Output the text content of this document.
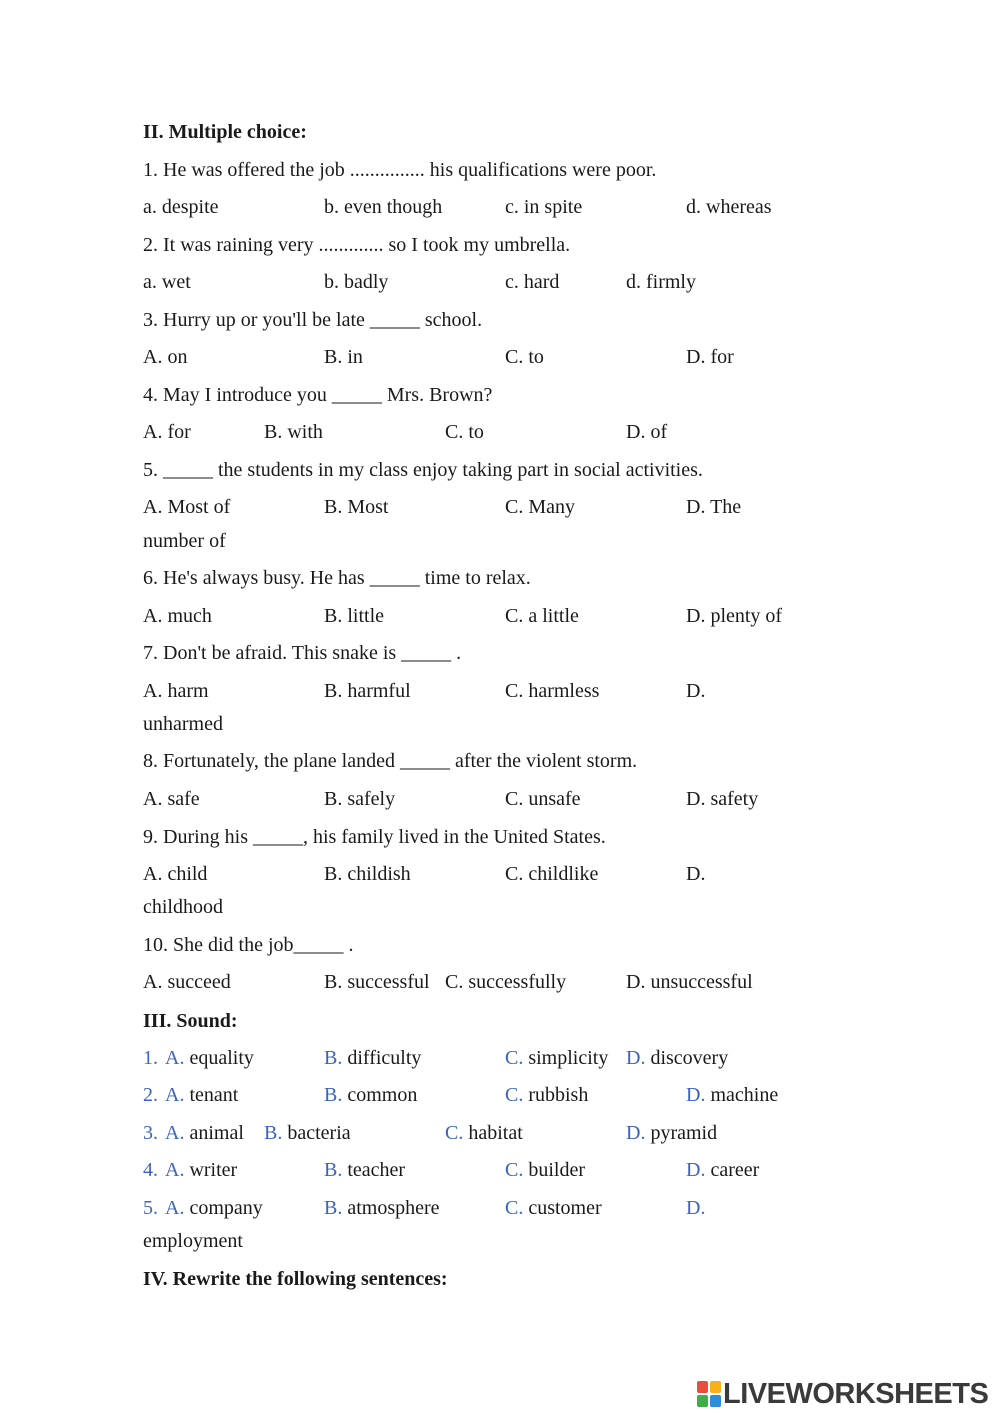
II. Multiple choice:
1. He was offered the job ............... his qualifications were poor.
a. despite	b. even though	c. in spite	d. whereas
2. It was raining very ............. so I took my umbrella.
a. wet	b. badly	c. hard	d. firmly
3. Hurry up or you'll be late _____ school.
A. on	B. in	C. to	D. for
4. May I introduce you _____ Mrs. Brown?
A. for	B. with	C. to	D. of
5. _____ the students in my class enjoy taking part in social activities.
A. Most of	B. Most	C. Many	D. The
number of
6. He's always busy. He has _____ time to relax.
A. much	B. little	C. a little	D. plenty of
7. Don't be afraid. This snake is _____ .
A. harm	B. harmful	C. harmless	D.
unharmed
8. Fortunately, the plane landed _____ after the violent storm.
A. safe	B. safely	C. unsafe	D. safety
9. During his _____, his family lived in the United States.
A. child	B. childish	C. childlike	D.
childhood
10. She did the job_____ .
A. succeed	B. successful C. successfully	D. unsuccessful
III. Sound:
1. A. equality	B. difficulty	C. simplicity D. discovery
2. A. tenant	B. common	C. rubbish	D. machine
3. A. animal B. bacteria	C. habitat	D. pyramid
4. A. writer	B. teacher	C. builder	D. career
5. A. company	B. atmosphere	C. customer	D.
employment
IV. Rewrite the following sentences:
LIVEWORKSHEETS
